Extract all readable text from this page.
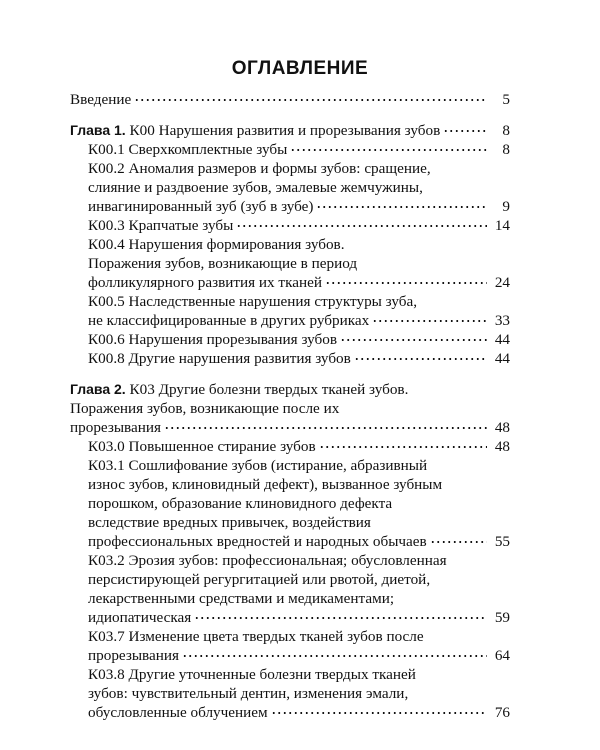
ОГЛАВЛЕНИЕ
Введение	5
Глава 1. К00 Нарушения развития и прорезывания зубов	8
К00.1 Сверхкомплектные зубы	8
К00.2 Аномалия размеров и формы зубов: сращение,
слияние и раздвоение зубов, эмалевые жемчужины,
инвагинированный зуб (зуб в зубе)	9
К00.3 Крапчатые зубы	14
К00.4 Нарушения формирования зубов.
Поражения зубов, возникающие в период
фолликулярного развития их тканей	24
К00.5 Наследственные нарушения структуры зуба,
не классифицированные в других рубриках	33
К00.6 Нарушения прорезывания зубов	44
К00.8 Другие нарушения развития зубов	44
Глава 2. К03 Другие болезни твердых тканей зубов.
Поражения зубов, возникающие после их
прорезывания	48
К03.0 Повышенное стирание зубов	48
К03.1 Сошлифование зубов (истирание, абразивный
износ зубов, клиновидный дефект), вызванное зубным
порошком, образование клиновидного дефекта
вследствие вредных привычек, воздействия
профессиональных вредностей и народных обычаев	55
К03.2 Эрозия зубов: профессиональная; обусловленная
персистирующей регургитацией или рвотой, диетой,
лекарственными средствами и медикаментами;
идиопатическая	59
К03.7 Изменение цвета твердых тканей зубов после
прорезывания	64
К03.8 Другие уточненные болезни твердых тканей
зубов: чувствительный дентин, изменения эмали,
обусловленные облучением	76
